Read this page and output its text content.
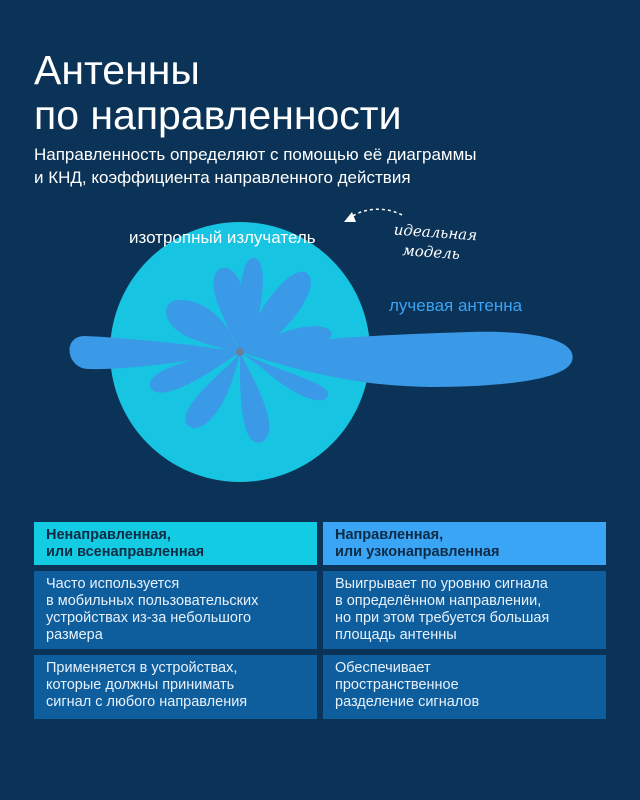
Антенны
по направленности

Направленность определяют с помощью её диаграммы
и КНД, коэффициента направленного действия

изотропный излучатель
лучевая антенна
идеальная
модель
Ненаправленная,
или всенаправленная
Направленная,
или узконаправленная
Часто используется
в мобильных пользовательских
устройствах из-за небольшого
размера
Выигрывает по уровню сигнала
в определённом направлении,
но при этом требуется большая
площадь антенны
Применяется в устройствах,
которые должны принимать
сигнал с любого направления
Обеспечивает
пространственное
разделение сигналов
